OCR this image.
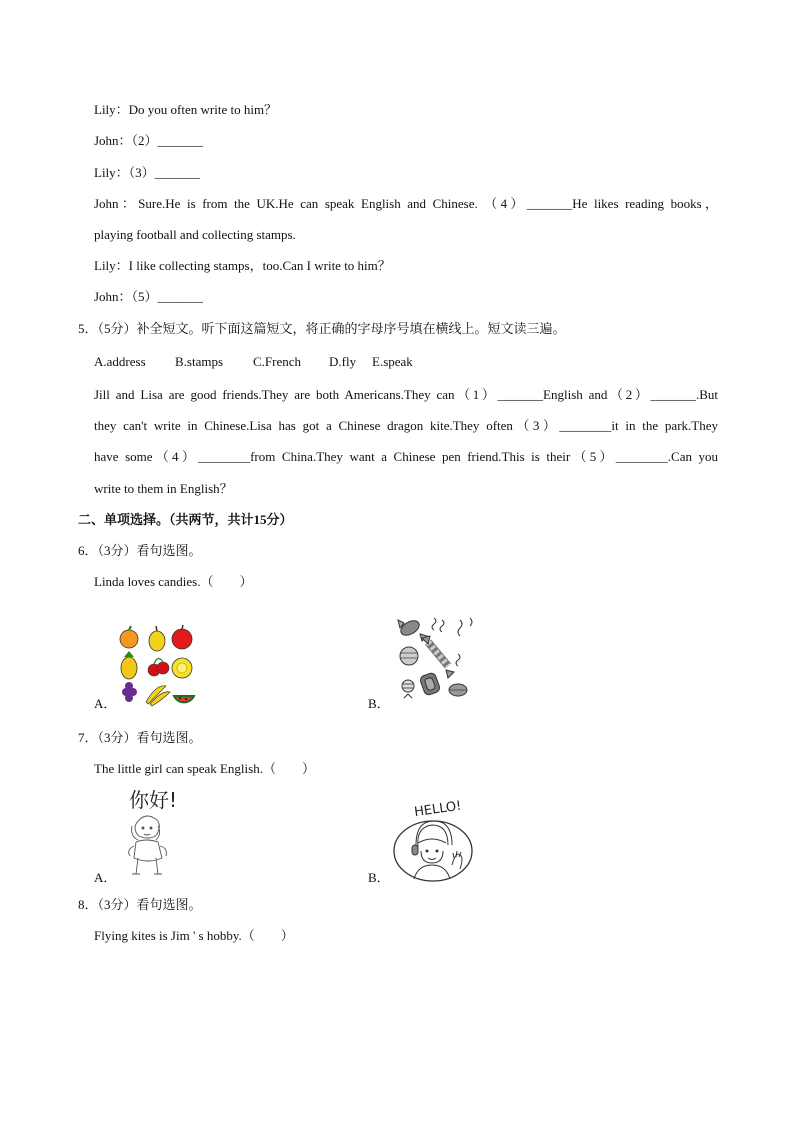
Lily：Do you often write to him？
John：（2）_______
Lily：（3）_______
John：Sure.He is from the UK.He can speak English and Chinese. （4）_______He likes reading books，
playing football and collecting stamps.
Lily：I like collecting stamps，too.Can I write to him？
John：（5）_______
5．（5分）补全短文。听下面这篇短文，将正确的字母序号填在横线上。短文读三遍。
A.address B.stamps C.French D.fly E.speak
Jill and Lisa are good friends.They are both Americans.They can（1）_______English and（2）_______.But
they can't write in Chinese.Lisa has got a Chinese dragon kite.They often（3）________it in the park.They
have some（4）________from China.They want a Chinese pen friend.This is their（5）________.Can you
write to them in English？
二、单项选择。（共两节，共计15分）
6．（3分）看句选图。
Linda loves candies.（　　）
A．	B．
7．（3分）看句选图。
The little girl can speak English.（　　）
你好!
A．
HELLO!
B．
8．（3分）看句选图。
Flying kites is Jim ' s hobby.（　　）
